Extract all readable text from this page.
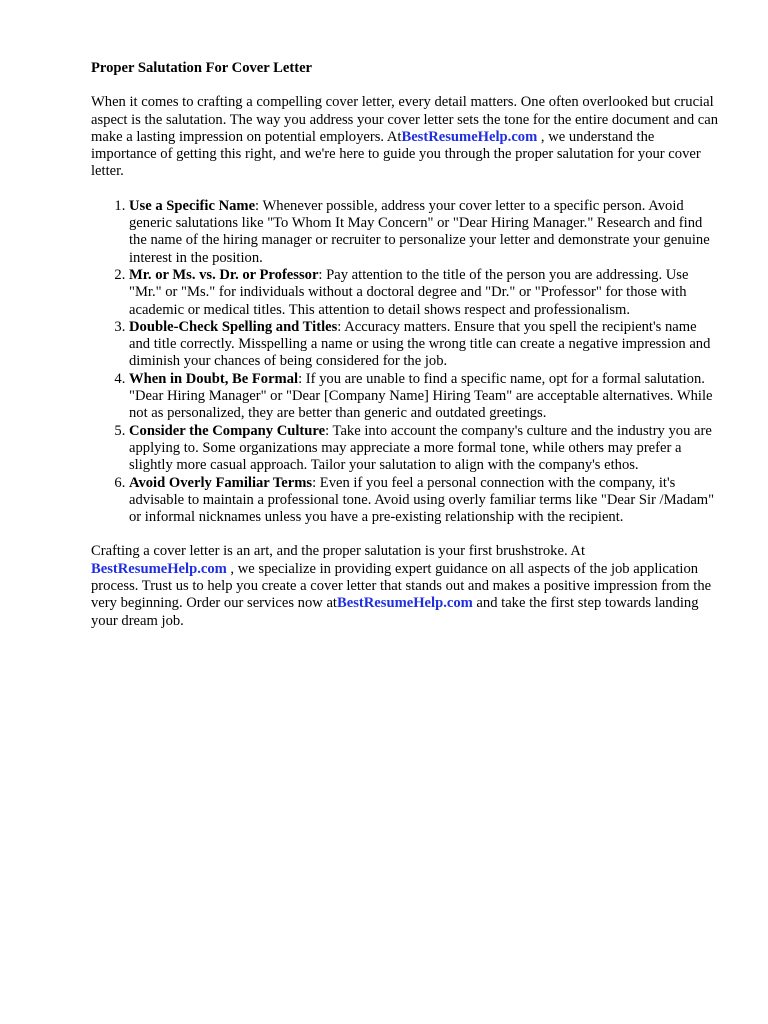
Proper Salutation For Cover Letter

When it comes to crafting a compelling cover letter, every detail matters. One often overlooked but crucial aspect is the salutation. The way you address your cover letter sets the tone for the entire document and can make a lasting impression on potential employers. AtBestResumeHelp.com , we understand the importance of getting this right, and we're here to guide you through the proper salutation for your cover letter.

1. Use a Specific Name: Whenever possible, address your cover letter to a specific person. Avoid generic salutations like "To Whom It May Concern" or "Dear Hiring Manager." Research and find the name of the hiring manager or recruiter to personalize your letter and demonstrate your genuine interest in the position.
2. Mr. or Ms. vs. Dr. or Professor: Pay attention to the title of the person you are addressing. Use "Mr." or "Ms." for individuals without a doctoral degree and "Dr." or "Professor" for those with academic or medical titles. This attention to detail shows respect and professionalism.
3. Double-Check Spelling and Titles: Accuracy matters. Ensure that you spell the recipient's name and title correctly. Misspelling a name or using the wrong title can create a negative impression and diminish your chances of being considered for the job.
4. When in Doubt, Be Formal: If you are unable to find a specific name, opt for a formal salutation. "Dear Hiring Manager" or "Dear [Company Name] Hiring Team" are acceptable alternatives. While not as personalized, they are better than generic and outdated greetings.
5. Consider the Company Culture: Take into account the company's culture and the industry you are applying to. Some organizations may appreciate a more formal tone, while others may prefer a slightly more casual approach. Tailor your salutation to align with the company's ethos.
6. Avoid Overly Familiar Terms: Even if you feel a personal connection with the company, it's advisable to maintain a professional tone. Avoid using overly familiar terms like "Dear Sir /Madam" or informal nicknames unless you have a pre-existing relationship with the recipient.

Crafting a cover letter is an art, and the proper salutation is your first brushstroke. At BestResumeHelp.com , we specialize in providing expert guidance on all aspects of the job application process. Trust us to help you create a cover letter that stands out and makes a positive impression from the very beginning. Order our services now atBestResumeHelp.com and take the first step towards landing your dream job.
